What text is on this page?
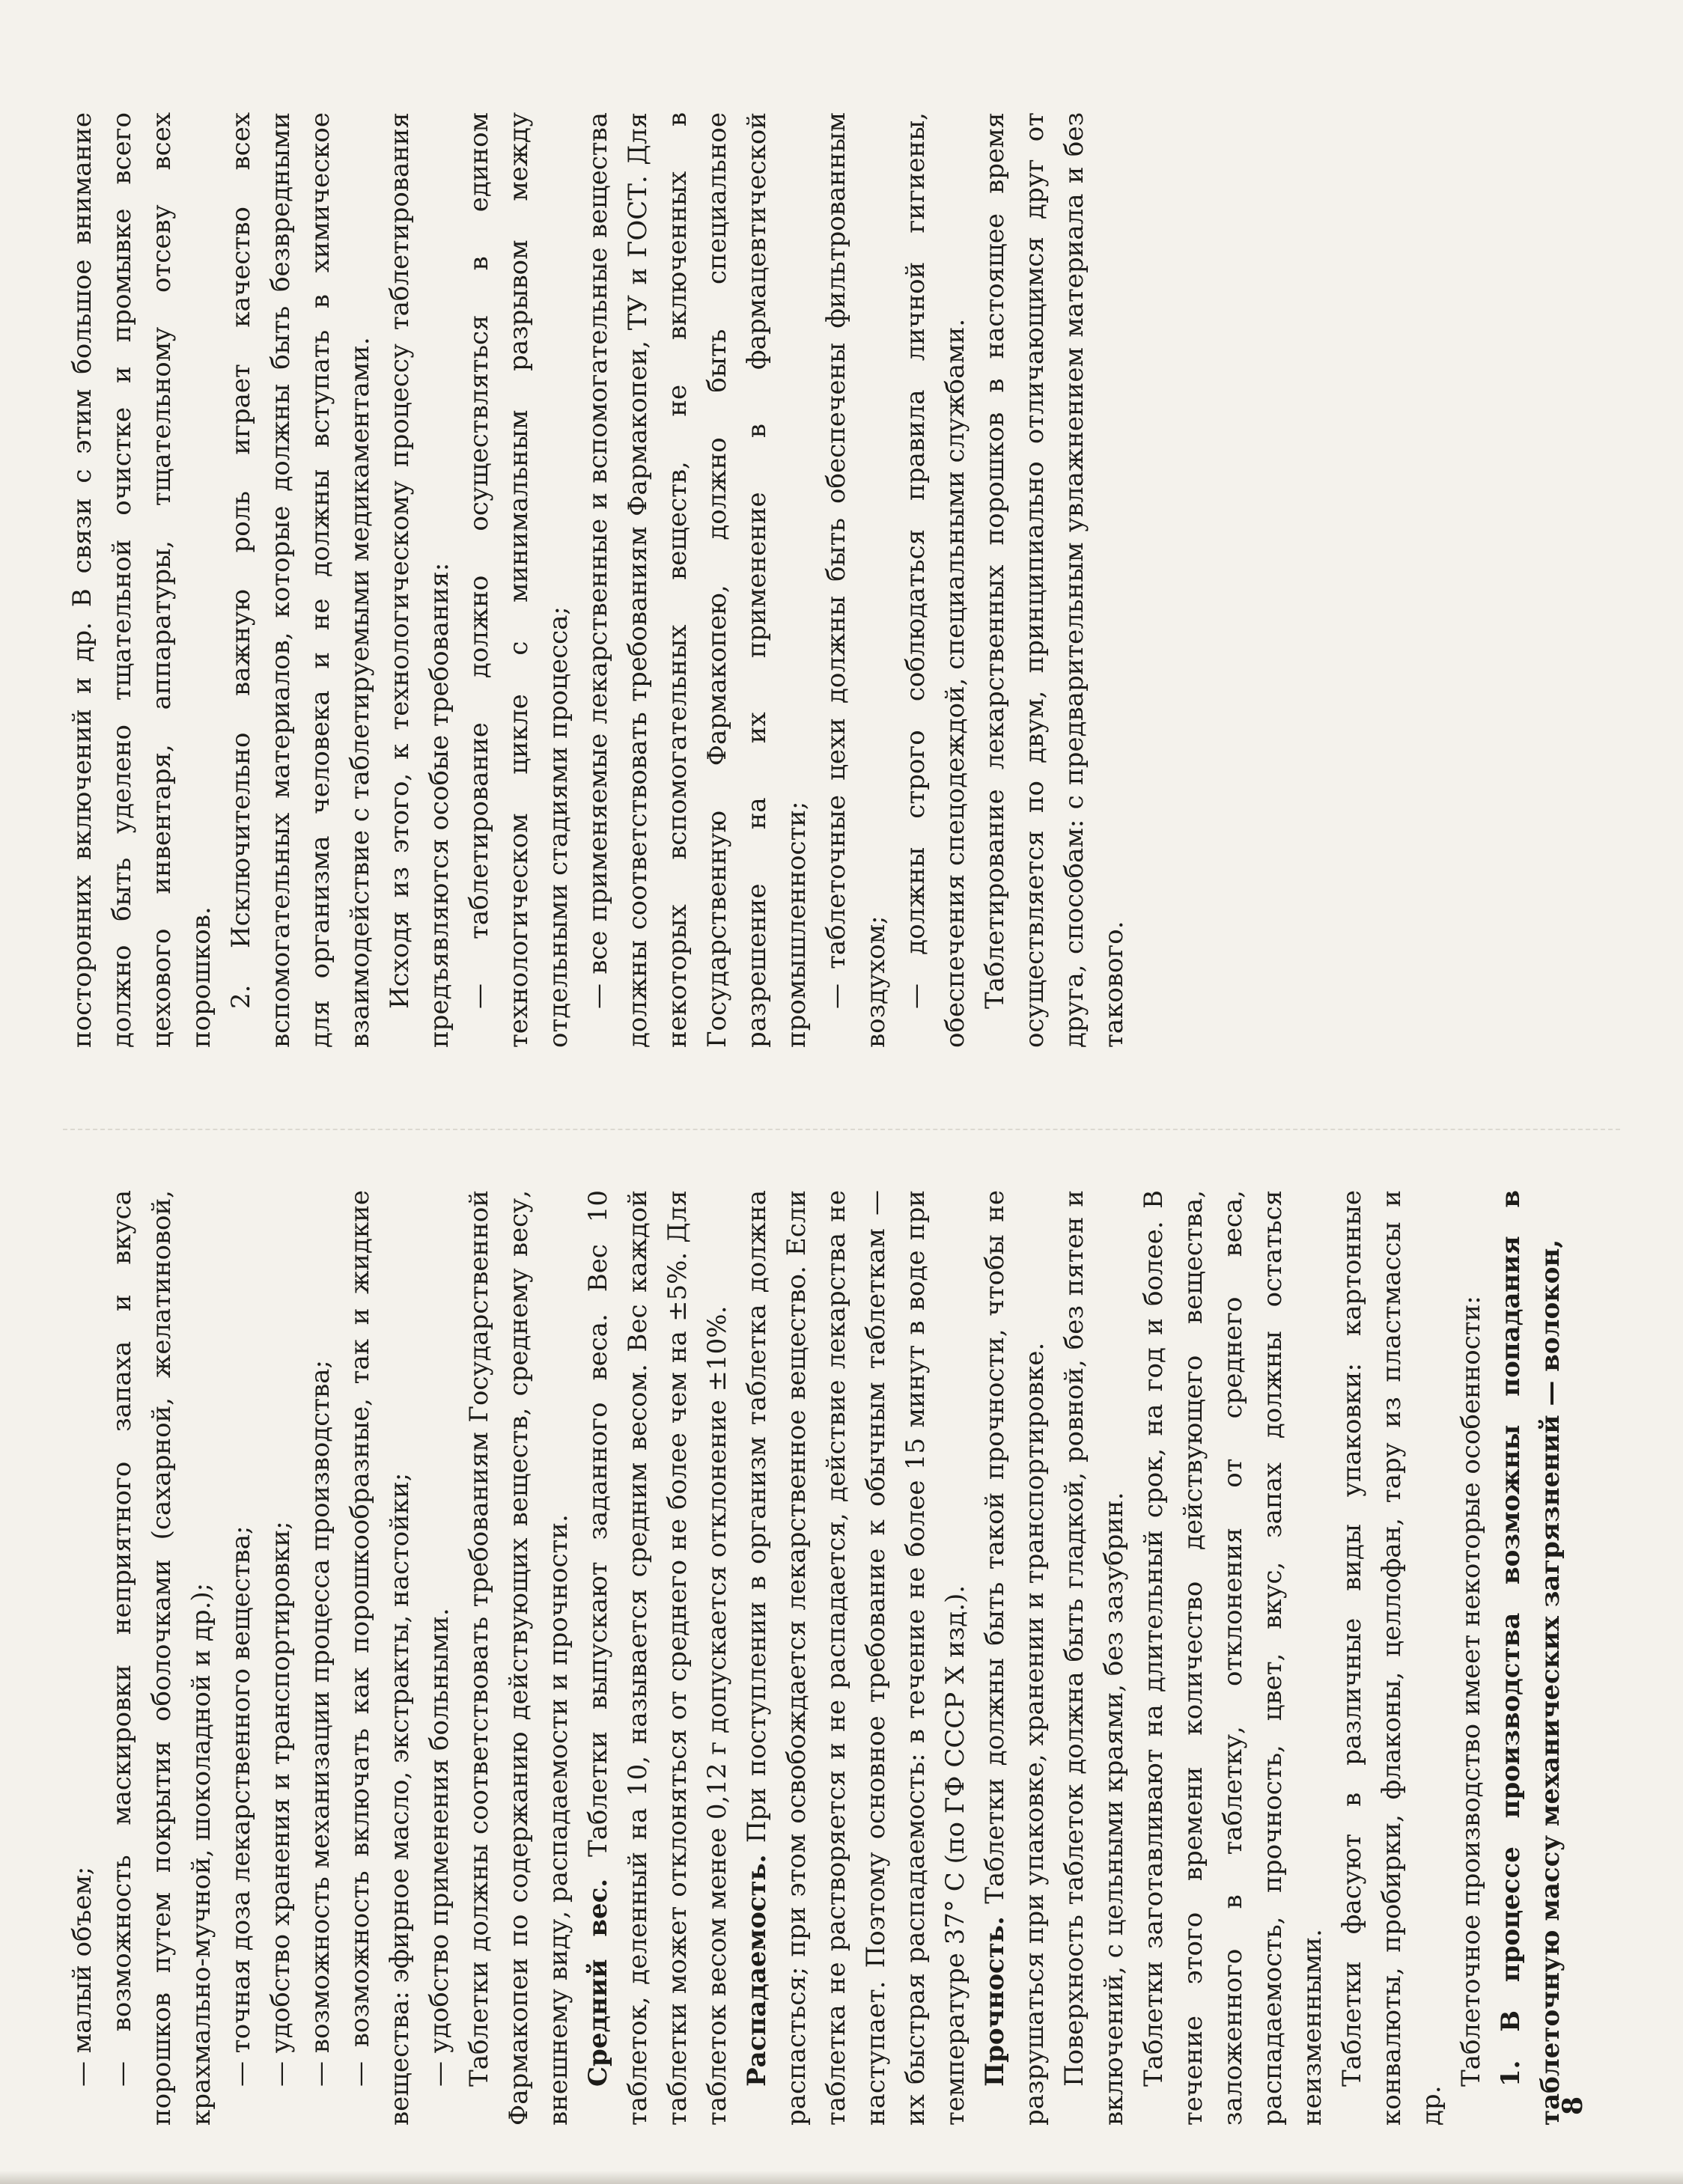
— малый объем; — возможность маскировки неприятного запаха и вкуса порошков путем покрытия оболочками (сахарной, желатиновой, крахмально-мучной, шоколадной и др.); — точная доза лекарственного вещества; — удобство хранения и транспортировки; — возможность механизации процесса производства; — возможность включать как порошкообразные, так и жидкие вещества: эфирное масло, экстракты, настойки; — удобство применения больными. Таблетки должны соответствовать требованиям Государственной Фармакопеи по содержанию действующих веществ, среднему весу, внешнему виду, распадаемости и прочности. Средний вес. Таблетки выпускают заданного веса. Вес 10 таблеток, деленный на 10, называется средним весом. Вес каждой таблетки может отклоняться от среднего не более чем на ±5%. Для таблеток весом менее 0,12 г допускается отклонение ±10%. Распадаемость. При поступлении в организм таблетка должна распасться; при этом освобождается лекарственное вещество. Если таблетка не растворяется и не распадается, действие лекарства не наступает. Поэтому основное требование к обычным таблеткам — их быстрая распадаемость: в течение не более 15 минут в воде при температуре 37° С (по ГФ СССР X изд.). Прочность. Таблетки должны быть такой прочности, чтобы не разрушаться при упаковке, хранении и транспортировке. Поверхность таблеток должна быть гладкой, ровной, без пятен и включений, с цельными краями, без зазубрин. Таблетки заготавливают на длительный срок, на год и более. В течение этого времени количество действующего вещества, заложенного в таблетку, отклонения от среднего веса, распадаемость, прочность, цвет, вкус, запах должны остаться неизменными. Таблетки фасуют в различные виды упаковки: картонные конвалюты, пробирки, флаконы, целлофан, тару из пластмассы и др.

Таблеточное производство имеет некоторые особенности: 1. В процессе производства возможны попадания в таблеточную массу механических загрязнений — волокон,

посторонних включений и др. В связи с этим большое внимание должно быть уделено тщательной очистке и промывке всего цехового инвентаря, аппаратуры, тщательному отсеву всех порошков. 2. Исключительно важную роль играет качество всех вспомогательных материалов, которые должны быть безвредными для организма человека и не должны вступать в химическое взаимодействие с таблетируемыми медикаментами. Исходя из этого, к технологическому процессу таблетирования предъявляются особые требования: — таблетирование должно осуществляться в едином технологическом цикле с минимальным разрывом между отдельными стадиями процесса; — все применяемые лекарственные и вспомогательные вещества должны соответствовать требованиям Фармакопеи, ТУ и ГОСТ. Для некоторых вспомогательных веществ, не включенных в Государственную Фармакопею, должно быть специальное разрешение на их применение в фармацевтической промышленности; — таблеточные цехи должны быть обеспечены фильтрованным воздухом; — должны строго соблюдаться правила личной гигиены, обеспечения спецодеждой, специальными службами. Таблетирование лекарственных порошков в настоящее время осуществляется по двум, принципиально отличающимся друг от друга, способам: с предварительным увлажнением материала и без такового.

8
